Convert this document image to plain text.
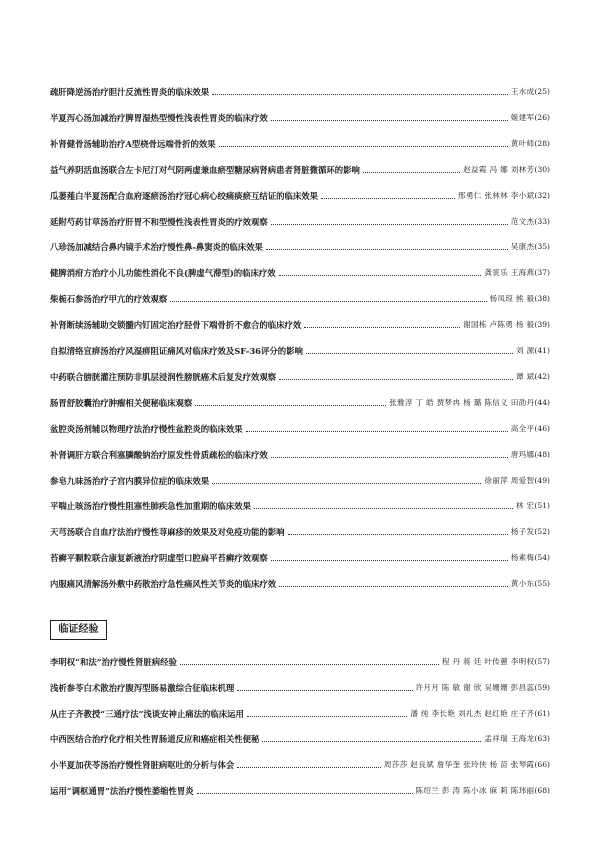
疏肝降逆汤治疗胆汁反流性胃炎的临床效果	王水成 (25)
半夏泻心汤加减治疗脾胃湿热型慢性浅表性胃炎的临床疗效	姬建军 (26)
补肾健骨汤辅助治疗A型桡骨远端骨折的效果	黄叶师 (28)
益气养阴活血汤联合左卡尼汀对气阴两虚兼血瘀型糖尿病肾病患者肾脏微循环的影响	赵益霞 冯 娜 刘林芳 (30)
瓜蒌薤白半夏汤配合血府逐瘀汤治疗冠心病心绞痛痰瘀互结证的临床效果	邢勇仁 张林林 李小斌 (32)
延附芍药甘草汤治疗肝胃不和型慢性浅表性胃炎的疗效观察	范文杰 (33)
八珍汤加减结合鼻内镜手术治疗慢性鼻-鼻窦炎的临床效果	吴康杰 (35)
健脾消疳方治疗小儿功能性消化不良(脾虚气滞型)的临床疗效	龚寅乐 王海燕 (37)
柴栀石参汤治疗甲亢的疗效观察	杨凤琼 熊 毅 (38)
补肾断续汤辅助交锁髓内钉固定治疗胫骨下端骨折不愈合的临床疗效	谢国栋 卢陈勇 杨 毅 (39)
自拟清络宣痹汤治疗风湿痹阻证痛风对临床疗效及SF-36评分的影响	刘 源 (41)
中药联合膀胱灌注预防非肌层浸润性膀胱癌术后复发疗效观察	谭 斌 (42)
肠胃舒胶囊治疗肿瘤相关便秘临床观察	张雅淳 丁 皓 贾梦冉 杨 璐 陈信义 田劭丹 (44)
盆腔炎汤剂辅以物理疗法治疗慢性盆腔炎的临床效果	高全平 (46)
补肾调肝方联合利塞膦酸钠治疗原发性骨质疏松的临床疗效	唐玛娜 (48)
参皂九味汤治疗子宫内膜异位症的临床效果	徐丽萍 周爱智 (49)
平喘止咳汤治疗慢性阻塞性肺疾急性加重期的临床效果	林 宏 (51)
天芎汤联合自血疗法治疗慢性荨麻疹的效果及对免疫功能的影响	杨子发 (52)
苔癣平颗粒联合康复新液治疗阴虚型口腔扁平苔癣疗效观察	杨素梅 (54)
内服痛风清解汤外敷中药散治疗急性痛风性关节炎的临床疗效	黄小东 (55)
临证经验
李明权“和法”治疗慢性肾脏病经验	程 丹 蒋 廷 叶传蕙 李明权 (57)
浅析参苓白术散治疗腹泻型肠易激综合征临床机理	许月月 陈 敏 谢 欣 吴姗姗 彭昌蕊 (59)
从庄子齐教授“三通疗法”浅谈安神止痛法的临床运用	潘 纯 李长艳 刘礼杰 赵红艳 庄子齐 (61)
中西医结合治疗化疗相关性胃肠道反应和癌症相关性便秘	孟祥瑞 王海龙 (63)
小半夏加茯苓汤治疗慢性肾脏病呕吐的分析与体会	周莎莎 赵良斌 詹华奎 张玲侠 杨 苗 张琴霞 (66)
运用“调枢通胃”法治疗慢性萎缩性胃炎	陈绍兰 彭 涛 陈小冰 麻 莉 陈玮丽 (68)
